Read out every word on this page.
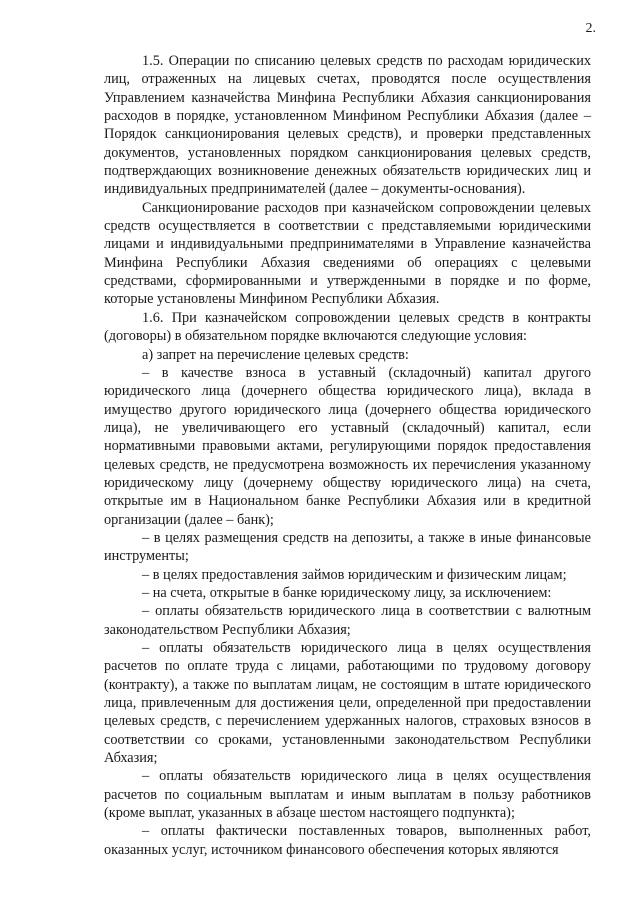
2.

1.5. Операции по списанию целевых средств по расходам юридических лиц, отраженных на лицевых счетах, проводятся после осуществления Управлением казначейства Минфина Республики Абхазия санкционирования расходов в порядке, установленном Минфином Республики Абхазия (далее – Порядок санкционирования целевых средств), и проверки представленных документов, установленных порядком санкционирования целевых средств, подтверждающих возникновение денежных обязательств юридических лиц и индивидуальных предпринимателей (далее – документы-основания).

Санкционирование расходов при казначейском сопровождении целевых средств осуществляется в соответствии с представляемыми юридическими лицами и индивидуальными предпринимателями в Управление казначейства Минфина Республики Абхазия сведениями об операциях с целевыми средствами, сформированными и утвержденными в порядке и по форме, которые установлены Минфином Республики Абхазия.

1.6. При казначейском сопровождении целевых средств в контракты (договоры) в обязательном порядке включаются следующие условия:

а) запрет на перечисление целевых средств:

– в качестве взноса в уставный (складочный) капитал другого юридического лица (дочернего общества юридического лица), вклада в имущество другого юридического лица (дочернего общества юридического лица), не увеличивающего его уставный (складочный) капитал, если нормативными правовыми актами, регулирующими порядок предоставления целевых средств, не предусмотрена возможность их перечисления указанному юридическому лицу (дочернему обществу юридического лица) на счета, открытые им в Национальном банке Республики Абхазия или в кредитной организации (далее – банк);

– в целях размещения средств на депозиты, а также в иные финансовые инструменты;

– в целях предоставления займов юридическим и физическим лицам;

– на счета, открытые в банке юридическому лицу, за исключением:

– оплаты обязательств юридического лица в соответствии с валютным законодательством Республики Абхазия;

– оплаты обязательств юридического лица в целях осуществления расчетов по оплате труда с лицами, работающими по трудовому договору (контракту), а также по выплатам лицам, не состоящим в штате юридического лица, привлеченным для достижения цели, определенной при предоставлении целевых средств, с перечислением удержанных налогов, страховых взносов в соответствии со сроками, установленными законодательством Республики Абхазия;

– оплаты обязательств юридического лица в целях осуществления расчетов по социальным выплатам и иным выплатам в пользу работников (кроме выплат, указанных в абзаце шестом настоящего подпункта);

– оплаты фактически поставленных товаров, выполненных работ, оказанных услуг, источником финансового обеспечения которых являются
